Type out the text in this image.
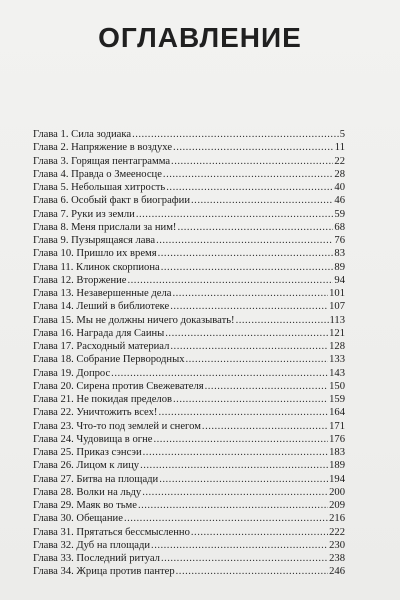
ОГЛАВЛЕНИЕ
Глава 1. Сила зодиака .....	5
Глава 2. Напряжение в воздухе .....	11
Глава 3. Горящая пентаграмма .....	22
Глава 4. Правда о Змееносце .....	28
Глава 5. Небольшая хитрость .....	40
Глава 6. Особый факт в биографии .....	46
Глава 7. Руки из земли .....	59
Глава 8. Меня прислали за ним! .....	68
Глава 9. Пузырящаяся лава .....	76
Глава 10. Пришло их время .....	83
Глава 11. Клинок скорпиона .....	89
Глава 12. Вторжение .....	94
Глава 13. Незавершенные дела .....	101
Глава 14. Леший в библиотеке .....	107
Глава 15. Мы не должны ничего доказывать! .....	113
Глава 16. Награда для Саины .....	121
Глава 17. Расходный материал .....	128
Глава 18. Собрание Первородных .....	133
Глава 19. Допрос .....	143
Глава 20. Сирена против Свежевателя .....	150
Глава 21. Не покидая пределов .....	159
Глава 22. Уничтожить всех! .....	164
Глава 23. Что-то под землей и снегом .....	171
Глава 24. Чудовища в огне .....	176
Глава 25. Приказ сэнсэи .....	183
Глава 26. Лицом к лицу .....	189
Глава 27. Битва на площади .....	194
Глава 28. Волки на льду .....	200
Глава 29. Маяк во тьме .....	209
Глава 30. Обещание .....	216
Глава 31. Прятаться бессмысленно .....	222
Глава 32. Дуб на площади .....	230
Глава 33. Последний ритуал .....	238
Глава 34. Жрица против пантер .....	246
